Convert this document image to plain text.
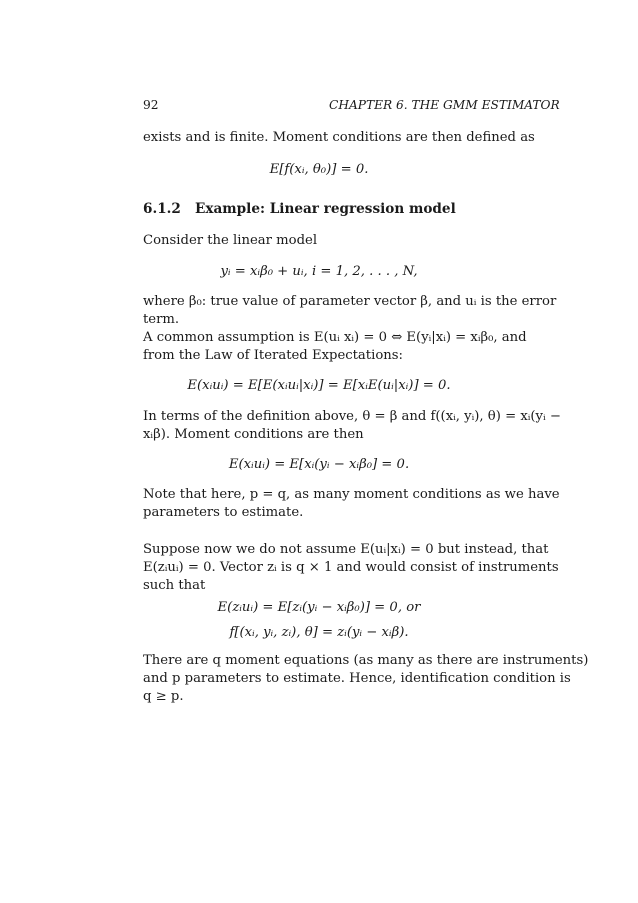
92	CHAPTER 6. THE GMM ESTIMATOR
exists and is finite. Moment conditions are then defined as
E[f(xᵢ, θ₀)] = 0.
6.1.2 Example: Linear regression model
Consider the linear model
yᵢ = xᵢβ₀ + uᵢ, i = 1, 2, . . . , N,
where β₀: true value of parameter vector β, and uᵢ is the error
term.
A common assumption is E(uᵢ xᵢ) = 0 ⇔ E(yᵢ|xᵢ) = xᵢβ₀, and
from the Law of Iterated Expectations:
E(xᵢuᵢ) = E[E(xᵢuᵢ|xᵢ)] = E[xᵢE(uᵢ|xᵢ)] = 0.
In terms of the definition above, θ = β and f((xᵢ, yᵢ), θ) = xᵢ(yᵢ −
xᵢβ). Moment conditions are then
E(xᵢuᵢ) = E[xᵢ(yᵢ − xᵢβ₀] = 0.
Note that here, p = q, as many moment conditions as we have
parameters to estimate.
Suppose now we do not assume E(uᵢ|xᵢ) = 0 but instead, that
E(zᵢuᵢ) = 0. Vector zᵢ is q × 1 and would consist of instruments
such that
E(zᵢuᵢ) = E[zᵢ(yᵢ − xᵢβ₀)] = 0, or
f[(xᵢ, yᵢ, zᵢ), θ] = zᵢ(yᵢ − xᵢβ).
There are q moment equations (as many as there are instruments)
and p parameters to estimate. Hence, identification condition is
q ≥ p.
